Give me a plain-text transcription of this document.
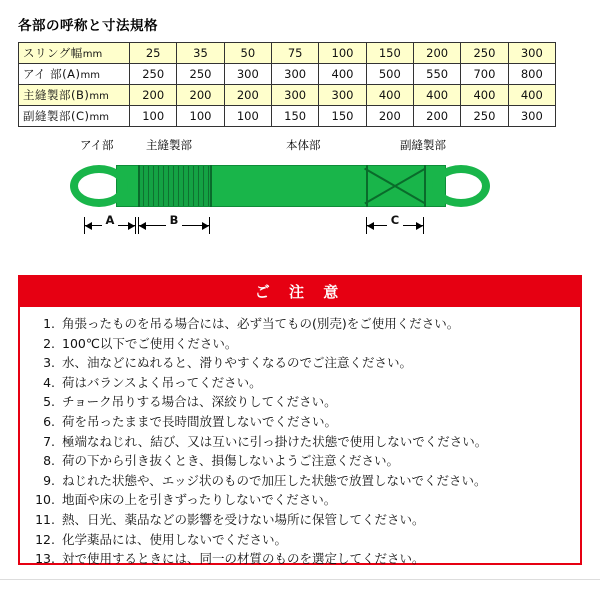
各部の呼称と寸法規格
スリング幅mm	25	35	50	75	100	150	200	250	300
アイ 部(A)mm	250	250	300	300	400	500	550	700	800
主縫製部(B)mm	200	200	200	300	300	400	400	400	400
副縫製部(C)mm	100	100	100	150	150	200	200	250	300
アイ部	主縫製部	本体部	副縫製部
A	B	C
ご 注 意
1. 角張ったものを吊る場合には、必ず当てもの(別売)をご使用ください。
2. 100℃以下でご使用ください。
3. 水、油などにぬれると、滑りやすくなるのでご注意ください。
4. 荷はバランスよく吊ってください。
5. チョーク吊りする場合は、深絞りしてください。
6. 荷を吊ったままで長時間放置しないでください。
7. 極端なねじれ、結び、又は互いに引っ掛けた状態で使用しないでください。
8. 荷の下から引き抜くとき、損傷しないようご注意ください。
9. ねじれた状態や、エッジ状のもので加圧した状態で放置しないでください。
10. 地面や床の上を引きずったりしないでください。
11. 熱、日光、薬品などの影響を受けない場所に保管してください。
12. 化学薬品には、使用しないでください。
13. 対で使用するときには、同一の材質のものを選定してください。
